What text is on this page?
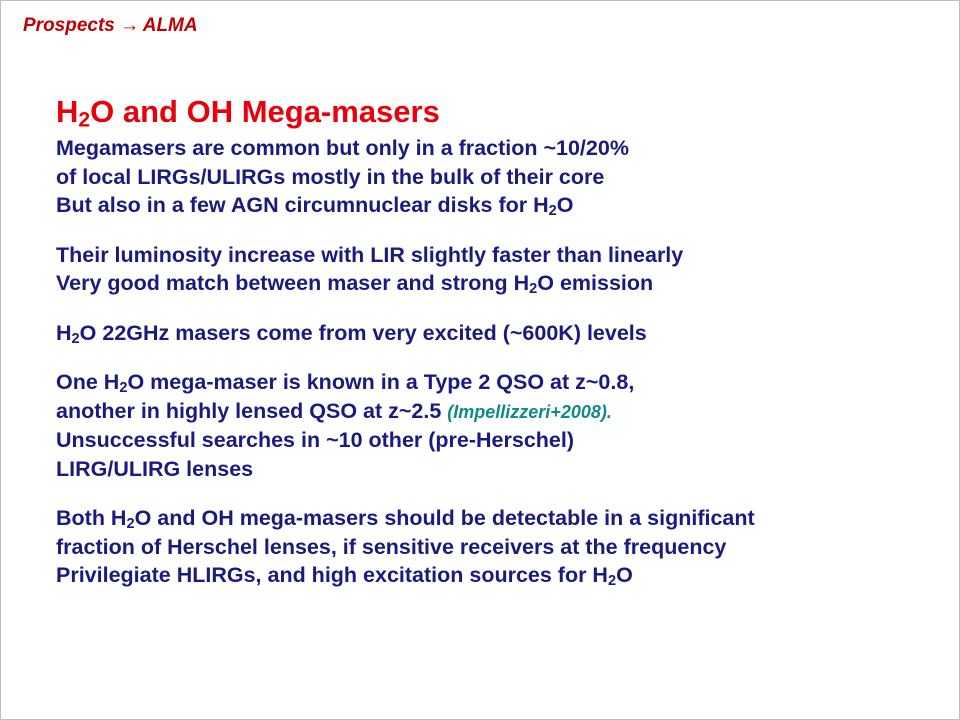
Prospects → ALMA
$H_2O$ and OH Mega-masers
Megamasers are common but only in a fraction ~10/20%
of local LIRGs/ULIRGs mostly in the bulk of their core
But also in a few AGN circumnuclear disks for $H_2O$
Their luminosity increase with LIR slightly faster than linearly
Very good match between maser and strong $H_2O$ emission
$H_2O$ 22GHz masers come from very excited (~600K) levels
One $H_2O$ mega-maser is known in a Type 2 QSO at z~0.8,
another in highly lensed QSO at z~2.5 (Impellizzeri+2008).
Unsuccessful searches in ~10 other (pre-Herschel)
LIRG/ULIRG lenses
Both $H_2O$ and OH mega-masers should be detectable in a significant
fraction of Herschel lenses, if sensitive receivers at the frequency
Privilegiate HLIRGs, and high excitation sources for $H_2O$
